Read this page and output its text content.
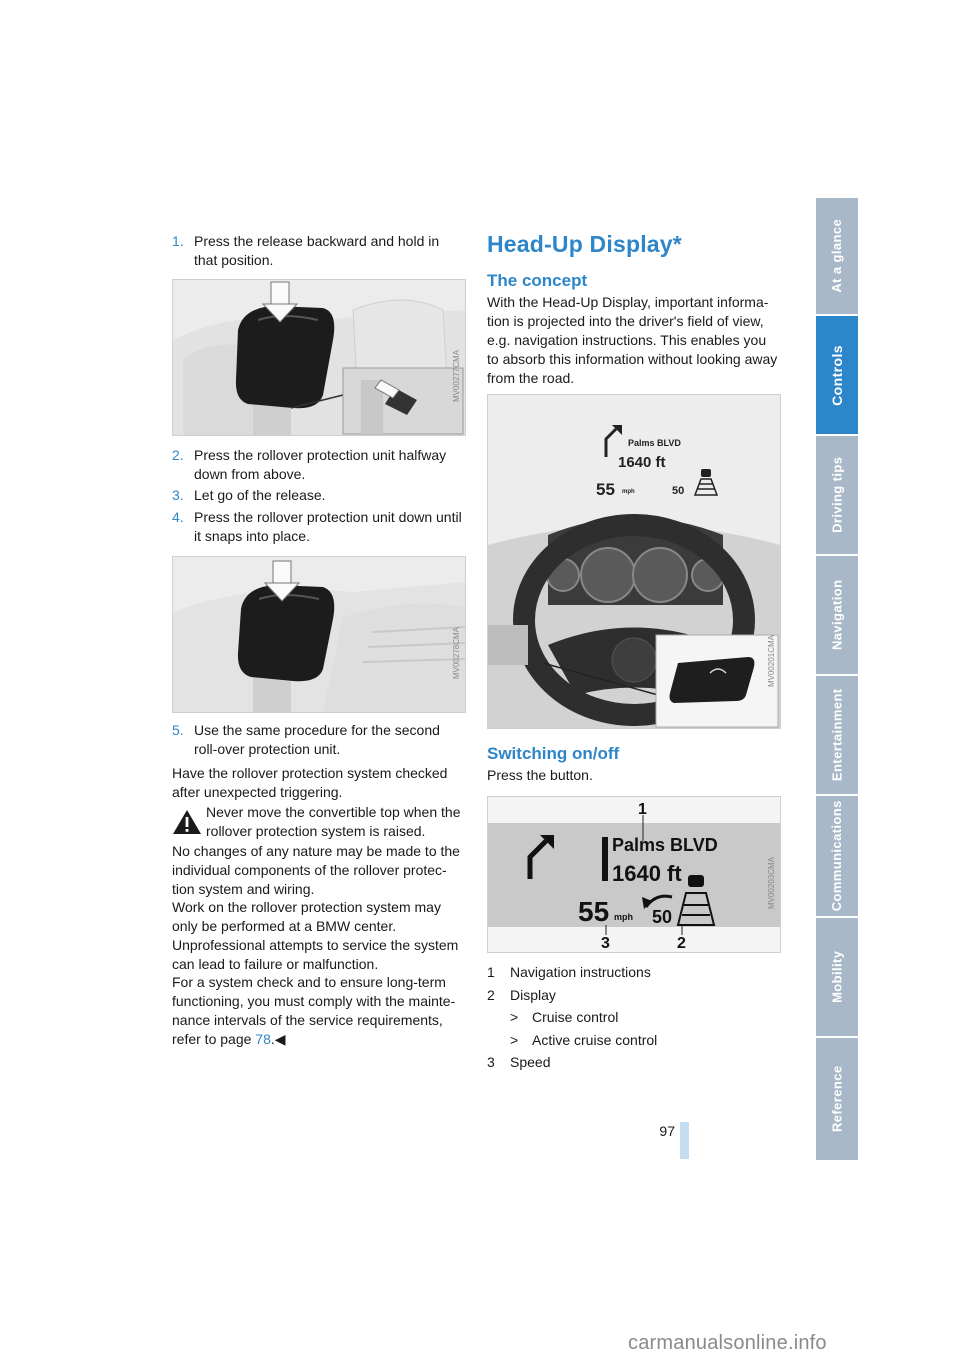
1. Press the release backward and hold in that position.
MV00277CMA
2. Press the rollover protection unit halfway down from above.
3. Let go of the release.
4. Press the rollover protection unit down until it snaps into place.
MV00278CMA
5. Use the same procedure for the second roll-over protection unit.
Have the rollover protection system checked after unexpected triggering.
Never move the convertible top when the rollover protection system is raised.
No changes of any nature may be made to the individual components of the rollover protec-tion system and wiring.
Work on the rollover protection system may only be performed at a BMW center.
Unprofessional attempts to service the system can lead to failure or malfunction.
For a system check and to ensure long-term functioning, you must comply with the mainte-nance intervals of the service requirements, refer to page 78.◀
Head-Up Display*
The concept
With the Head-Up Display, important informa-tion is projected into the driver's field of view, e.g. navigation instructions. This enables you to absorb this information without looking away from the road.
Palms BLVD
1640 ft
55 mph	50
MV00201CMA
Switching on/off
Press the button.
1
2
3
Palms BLVD
1640 ft
55 mph 50
MV00203CMA
1	Navigation instructions
2	Display
> Cruise control
> Active cruise control
3	Speed
At a glance
Controls
Driving tips
Navigation
Entertainment
Communications
Mobility
Reference
97
carmanualsonline.info
